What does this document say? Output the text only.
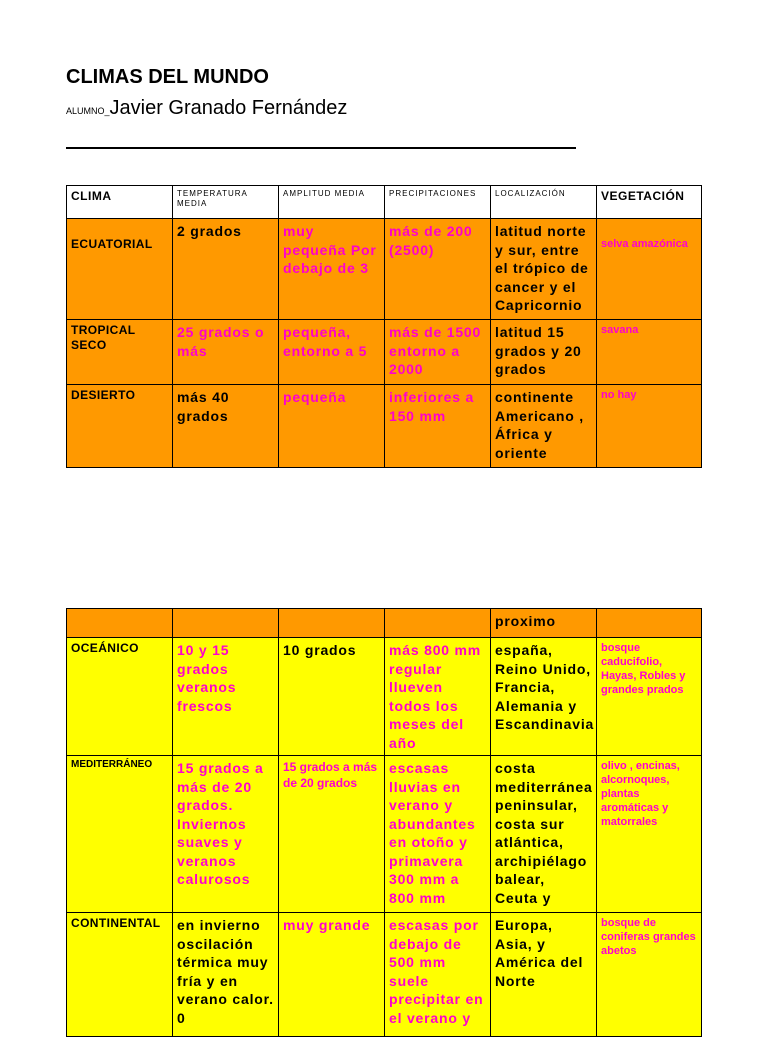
CLIMAS DEL MUNDO
ALUMNO_Javier Granado Fernández
CLIMA	TEMPERATURA MEDIA	AMPLITUD MEDIA	PRECIPITACIONES	LOCALIZACIÓN	VEGETACIÓN
ECUATORIAL	2 grados	muy pequeña Por debajo de 3	más de 200 (2500)	latitud norte y sur, entre el trópico de cancer y el Capricornio	selva amazónica
TROPICAL SECO	25 grados o más	pequeña, entorno a 5	más de 1500 entorno a 2000	latitud 15 grados y 20 grados	savana
DESIERTO	más 40 grados	pequeña	inferiores a 150 mm	continente Americano , África y oriente	no hay
				proximo	
OCEÁNICO	10 y 15 grados veranos frescos	10 grados	más 800 mm regular llueven todos los meses del año	españa, Reino Unido, Francia, Alemania y Escandinavia	bosque caducifolio, Hayas, Robles y grandes prados
MEDITERRÁNEO	15 grados a más de 20 grados. Inviernos suaves y veranos calurosos	15 grados a más de 20 grados	escasas lluvias en verano y abundantes en otoño y primavera 300 mm a 800 mm	costa mediterránea peninsular, costa sur atlántica, archipiélago balear, Ceuta y	olivo , encinas, alcornoques, plantas aromáticas y matorrales
CONTINENTAL	en invierno oscilación térmica muy fría y en verano calor. 0	muy grande	escasas por debajo de 500 mm suele precipitar en el verano y	Europa, Asia, y América del Norte	bosque de coniferas grandes abetos
